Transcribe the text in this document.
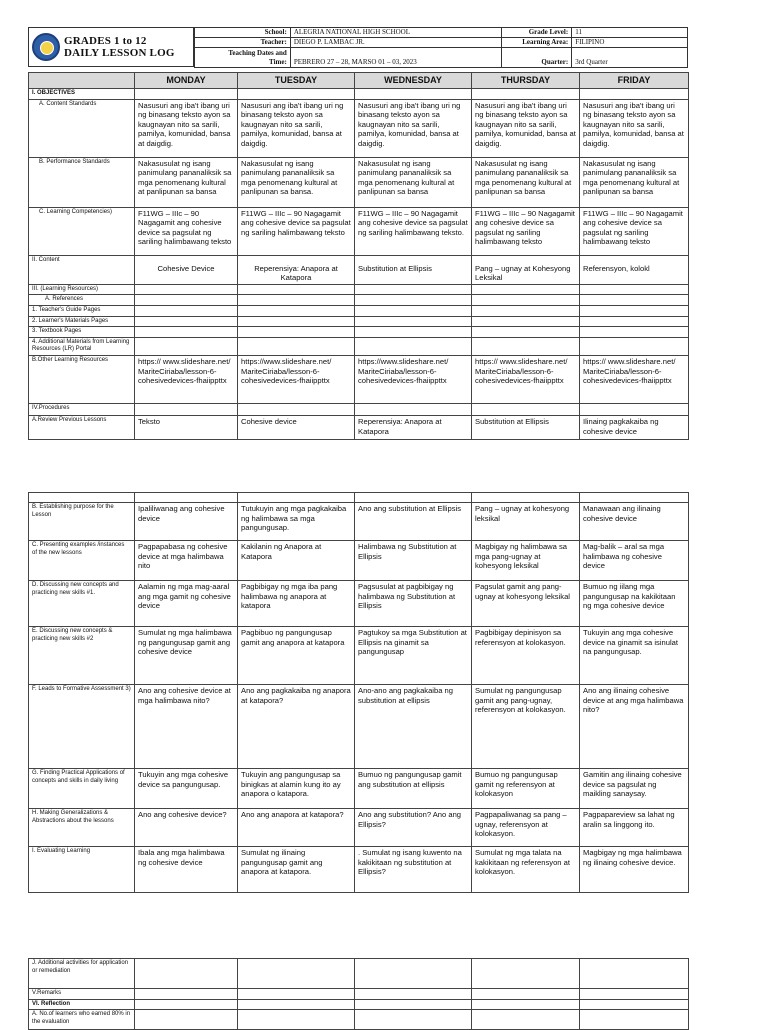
GRADES 1 to 12
DAILY LESSON LOG
School:	ALEGRIA NATIONAL HIGH SCHOOL	Grade Level:	11
Teacher:	DIEGO P. LAMBAC JR.	Learning Area:	FILIPINO

Teaching Dates and
Time:	PEBRERO 27 – 28, MARSO 01 – 03, 2023	Quarter:	3rd Quarter
	MONDAY	TUESDAY	WEDNESDAY	THURSDAY	FRIDAY
I. OBJECTIVES					
A. Content Standards	Nasusuri ang iba't ibang uri ng binasang teksto ayon sa kaugnayan nito sa sarili, pamilya, komunidad, bansa at daigdig.	Nasusuri ang iba't ibang uri ng binasang teksto ayon sa kaugnayan nito sa sarili, pamilya, komunidad, bansa at daigdig.	Nasusuri ang iba't ibang uri ng binasang teksto ayon sa kaugnayan nito sa sarili, pamilya, komunidad, bansa at daigdig.	Nasusuri ang iba't ibang uri ng binasang teksto ayon sa kaugnayan nito sa sarili, pamilya, komunidad, bansa at daigdig.	Nasusuri ang iba't ibang uri ng binasang teksto ayon sa kaugnayan nito sa sarili, pamilya, komunidad, bansa at daigdig.
B. Performance Standards	Nakasusulat ng isang panimulang pananaliksik sa mga penomenang kultural at panlipunan sa bansa	Nakasusulat ng isang panimulang pananaliksik sa mga penomenang kultural at panlipunan sa bansa.	Nakasusulat ng isang panimulang pananaliksik sa mga penomenang kultural at panlipunan sa bansa	Nakasusulat ng isang panimulang pananaliksik sa mga penomenang kultural at panlipunan sa bansa	Nakasusulat ng isang panimulang pananaliksik sa mga penomenang kultural at panlipunan sa bansa
C. Learning Competencies)	F11WG – IIIc – 90 Nagagamit ang cohesive device sa pagsulat ng sariling halimbawang teksto	F11WG – IIIc – 90 Nagagamit ang cohesive device sa pagsulat ng sariling halimbawang teksto	F11WG – IIIc – 90 Nagagamit ang cohesive device sa pagsulat ng sariling halimbawang teksto.	F11WG – IIIc – 90 Nagagamit ang cohesive device sa pagsulat ng sariling halimbawang teksto	F11WG – IIIc – 90 Nagagamit ang cohesive device sa pagsulat ng sariling halimbawang teksto
II. Content	Cohesive Device	Reperensiya: Anapora at Katapora	Substitution at Ellipsis	Pang – ugnay at Kohesyong Leksikal	Referensyon, kolokl
III. (Learning Resources)					
A. References					
1. Teacher's Guide Pages					
2. Learner's Materials Pages					
3. Textbook Pages					
4. Additional Materials from Learning Resources (LR) Portal					
B.Other Learning Resources	https:// www.slideshare.net/ MariteCiriaba/lesson-6-cohesivedevices-fhaiippttx	https://www.slideshare.net/ MariteCiriaba/lesson-6-cohesivedevices-fhaiippttx	https://www.slideshare.net/ MariteCiriaba/lesson-6-cohesivedevices-fhaiippttx	https:// www.slideshare.net/ MariteCiriaba/lesson-6-cohesivedevices-fhaiippttx	https:// www.slideshare.net/ MariteCiriaba/lesson-6-cohesivedevices-fhaiippttx
IV.Procedures					
A.Review Previous Lessons	Teksto	Cohesive device	Reperensiya: Anapora at Katapora	Substitution at Ellipsis	Ilinaing pagkakaiba ng cohesive device

B. Establishing purpose for the Lesson	Ipaliliwanag ang cohesive device	Tutukuyin ang mga pagkakaiba ng halimbawa sa mga pangungusap.	Ano ang substitution at Ellipsis	Pang – ugnay at kohesyong leksikal	Manawaan ang ilinaing cohesive device
C. Presenting examples /instances of the new lessons	Pagpapabasa ng cohesive device at mga halimbawa nito	Kakilanin ng Anapora at Katapora	Halimbawa ng Substitution at Ellipsis	Magbigay ng halimbawa sa mga pang-ugnay at kohesyong leksikal	Mag-balik – aral sa mga halimbawa ng cohesive device
D. Discussing new concepts and practicing new skills #1.	Aalamin ng mga mag-aaral ang mga gamit ng cohesive device	Pagbibigay ng mga iba pang halimbawa ng anapora at katapora	Pagsusulat at pagbibigay ng halimbawa ng Substitution at Ellipsis	Pagsulat gamit ang pang-ugnay at kohesyong leksikal	Bumuo ng iilang mga pangungusap na kakikitaan ng mga cohesive device
E. Discussing new concepts & practicing new skills #2	Sumulat ng mga halimbawa ng pangungusap gamit ang cohesive device	Pagbibuo ng pangungusap gamit ang anapora at katapora	Pagtukoy sa mga Substitution at Ellipsis na ginamit sa pangungusap	Pagbibigay depinisyon sa referensyon at kolokasyon.	Tukuyin ang mga cohesive device na ginamit sa isinulat na pangungusap.
F. Leads to Formative Assessment 3)	Ano ang cohesive device at mga halimbawa nito?	Ano ang pagkakaiba ng anapora at katapora?	Ano-ano ang pagkakaiba ng substitution at ellipsis	Sumulat ng pangungusap gamit ang pang-ugnay, referensyon at kolokasyon.	Ano ang ilinaing cohesive device at ang mga halimbawa nito?
G. Finding Practical Applications of concepts and skills in daily living	Tukuyin ang mga cohesive device sa pangungusap.	Tukuyin ang pangungusap sa binigkas at alamin kung ito ay anapora o katapora.	Bumuo ng pangungusap gamit ang substitution at ellipsis	Bumuo ng pangungusap gamit ng referensyon at kolokasyon	Gamitin ang ilinaing cohesive device sa pagsulat ng maikling sanaysay.
H. Making Generalizations & Abstractions about the lessons	Ano ang cohesive device?	Ano ang anapora at katapora?	Ano ang substitution? Ano ang Ellipsis?	Pagpapaliwanag sa pang – ugnay, referensyon at kolokasyon.	Pagpapareview sa lahat ng aralin sa linggong ito.
I. Evaluating Learning	Ibala ang mga halimbawa ng cohesive device	Sumulat ng ilinaing pangungusap gamit ang anapora at katapora.	. Sumulat ng isang kuwento na kakikitaan ng substitution at Ellipsis?	Sumulat ng mga talata na kakikitaan ng referensyon at kolokasyon.	Magbigay ng mga halimbawa ng ilinaing cohesive device.
J. Additional activities for application or remediation					
V.Remarks					
VI. Reflection					
A. No.of learners who earned 80% in the evaluation					
